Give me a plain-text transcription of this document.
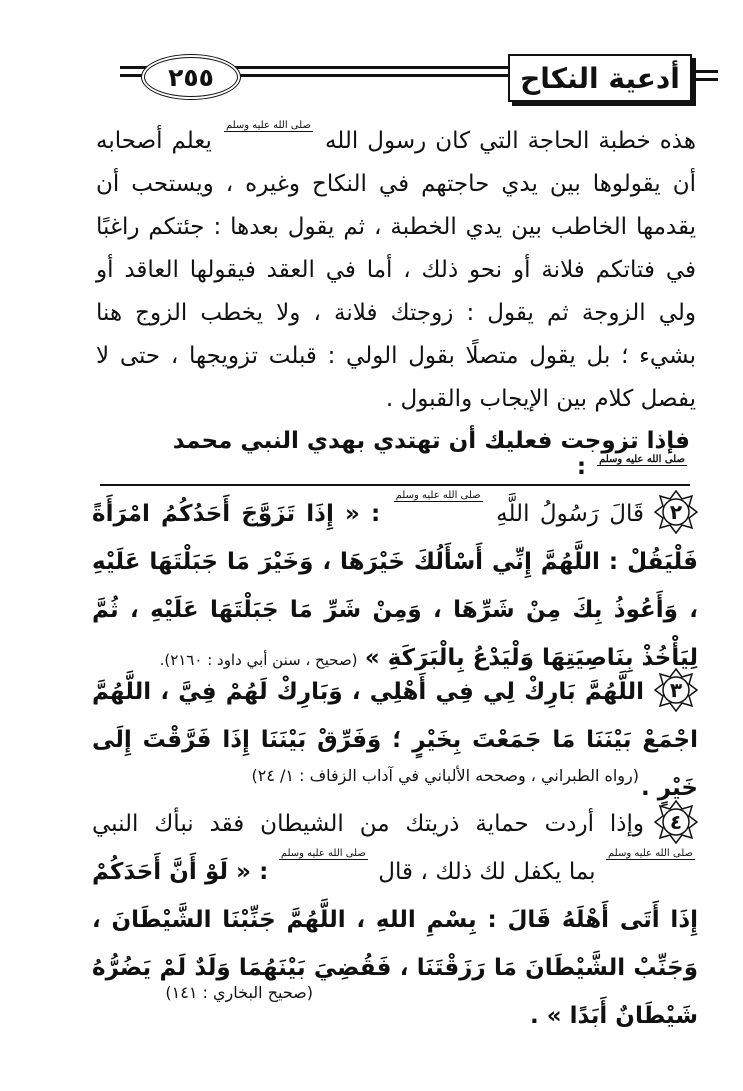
٢٥٥	أدعية النكاح
هذه خطبة الحاجة التي كان رسول الله صلى الله عليه وسلم يعلم أصحابه أن يقولوها بين يدي حاجتهم في النكاح وغيره ، ويستحب أن يقدمها الخاطب بين يدي الخطبة ، ثم يقول بعدها : جئتكم راغبًا في فتاتكم فلانة أو نحو ذلك ، أما في العقد فيقولها العاقد أو ولي الزوجة ثم يقول : زوجتك فلانة ، ولا يخطب الزوج هنا بشيء ؛ بل يقول متصلًا بقول الولي : قبلت تزويجها ، حتى لا يفصل كلام بين الإيجاب والقبول .
فإذا تزوجت فعليك أن تهتدي بهدي النبي محمد صلى الله عليه وسلم :
٢
قَالَ رَسُولُ اللَّهِ صلى الله عليه وسلم : « إِذَا تَزَوَّجَ أَحَدُكُمُ امْرَأَةً فَلْيَقُلْ : اللَّهُمَّ إِنِّي أَسْأَلُكَ خَيْرَهَا ، وَخَيْرَ مَا جَبَلْتَهَا عَلَيْهِ ، وَأَعُوذُ بِكَ مِنْ شَرِّهَا ، وَمِنْ شَرِّ مَا جَبَلْتَهَا عَلَيْهِ ، ثُمَّ لِيَأْخُذْ بِنَاصِيَتِهَا وَلْيَدْعُ بِالْبَرَكَةِ » (صحيح ، سنن أبي داود : ٢١٦٠).
٣
اللَّهُمَّ بَارِكْ لِي فِي أَهْلِي ، وَبَارِكْ لَهُمْ فِيَّ ، اللَّهُمَّ اجْمَعْ بَيْنَنَا مَا جَمَعْتَ بِخَيْرٍ ؛ وَفَرِّقْ بَيْنَنَا إِذَا فَرَّقْتَ إِلَى خَيْرٍ .
(رواه الطبراني ، وصححه الألباني في آداب الزفاف : ١/ ٢٤)
٤
وإذا أردت حماية ذريتك من الشيطان فقد نبأك النبي صلى الله عليه وسلم بما يكفل لك ذلك ، قال صلى الله عليه وسلم : « لَوْ أَنَّ أَحَدَكُمْ إِذَا أَتَى أَهْلَهُ قَالَ : بِسْمِ اللهِ ، اللَّهُمَّ جَنِّبْنَا الشَّيْطَانَ ، وَجَنِّبْ الشَّيْطَانَ مَا رَزَقْتَنَا ، فَقُضِيَ بَيْنَهُمَا وَلَدٌ لَمْ يَضُرُّهُ شَيْطَانٌ أَبَدًا » .
(صحيح البخاري : ١٤١)
